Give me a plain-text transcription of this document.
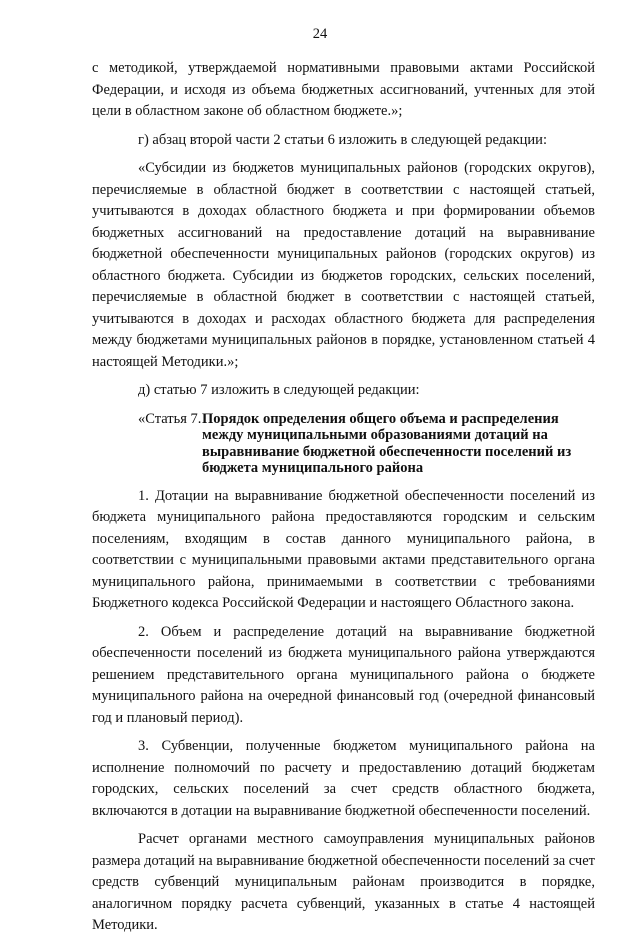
24

с методикой, утверждаемой нормативными правовыми актами Российской Федерации, и исходя из объема бюджетных ассигнований, учтенных для этой цели в областном законе об областном бюджете.»;

г) абзац второй части 2 статьи 6 изложить в следующей редакции:

«Субсидии из бюджетов муниципальных районов (городских округов), перечисляемые в областной бюджет в соответствии с настоящей статьей, учитываются в доходах областного бюджета и при формировании объемов бюджетных ассигнований на предоставление дотаций на выравнивание бюджетной обеспеченности муниципальных районов (городских округов) из областного бюджета. Субсидии из бюджетов городских, сельских поселений, перечисляемые в областной бюджет в соответствии с настоящей статьей, учитываются в доходах и расходах областного бюджета для распределения между бюджетами муниципальных районов в порядке, установленном статьей 4 настоящей Методики.»;

д) статью 7 изложить в следующей редакции:

«Статья 7. Порядок определения общего объема и распределения между муниципальными образованиями дотаций на выравнивание бюджетной обеспеченности поселений из бюджета муниципального района

1. Дотации на выравнивание бюджетной обеспеченности поселений из бюджета муниципального района предоставляются городским и сельским поселениям, входящим в состав данного муниципального района, в соответствии с муниципальными правовыми актами представительного органа муниципального района, принимаемыми в соответствии с требованиями Бюджетного кодекса Российской Федерации и настоящего Областного закона.

2. Объем и распределение дотаций на выравнивание бюджетной обеспеченности поселений из бюджета муниципального района утверждаются решением представительного органа муниципального района о бюджете муниципального района на очередной финансовый год (очередной финансовый год и плановый период).

3. Субвенции, полученные бюджетом муниципального района на исполнение полномочий по расчету и предоставлению дотаций бюджетам городских, сельских поселений за счет средств областного бюджета, включаются в дотации на выравнивание бюджетной обеспеченности поселений.

Расчет органами местного самоуправления муниципальных районов размера дотаций на выравнивание бюджетной обеспеченности поселений за счет средств субвенций муниципальным районам производится в порядке, аналогичном порядку расчета субвенций, указанных в статье 4 настоящей Методики.
